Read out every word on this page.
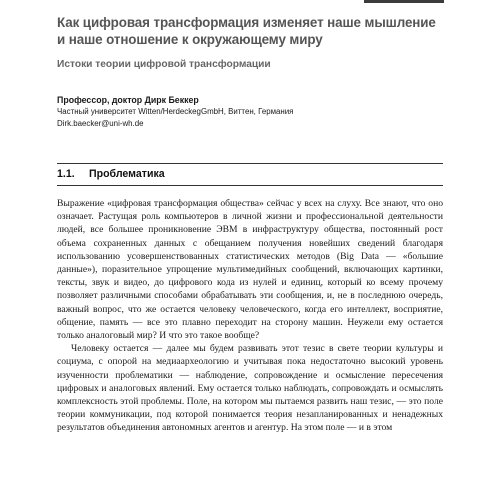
Как цифровая трансформация изменяет наше мышление и наше отношение к окружающему миру
Истоки теории цифровой трансформации
Профессор, доктор Дирк Беккер
Частный университет Witten/HerdeckegGmbH, Виттен, Германия
Dirk.baecker@uni-wh.de
1.1. Проблематика

Выражение «цифровая трансформация общества» сейчас у всех на слуху. Все знают, что оно означает. Растущая роль компьютеров в личной жизни и профессиональной деятельности людей, все большее проникновение ЭВМ в инфраструктуру общества, постоянный рост объема сохраненных данных с обещанием получения новейших сведений благодаря использованию усовершенствованных статистических методов (Big Data — «большие данные»), поразительное упрощение мультимедийных сообщений, включающих картинки, тексты, звук и видео, до цифрового кода из нулей и единиц, который ко всему прочему позволяет различными способами обрабатывать эти сообщения, и, не в последнюю очередь, важный вопрос, что же остается человеку человеческого, когда его интеллект, восприятие, общение, память — все это плавно переходит на сторону машин. Неужели ему остается только аналоговый мир? И что это такое вообще?

Человеку остается — далее мы будем развивать этот тезис в свете теории культуры и социума, с опорой на медиаархеологию и учитывая пока недостаточно высокий уровень изученности проблематики — наблюдение, сопровождение и осмысление пересечения цифровых и аналоговых явлений. Ему остается только наблюдать, сопровождать и осмыслять комплексность этой проблемы. Поле, на котором мы пытаемся развить наш тезис, — это поле теории коммуникации, под которой понимается теория незапланированных и ненадежных результатов объединения автономных агентов и агентур. На этом поле — и в этом
